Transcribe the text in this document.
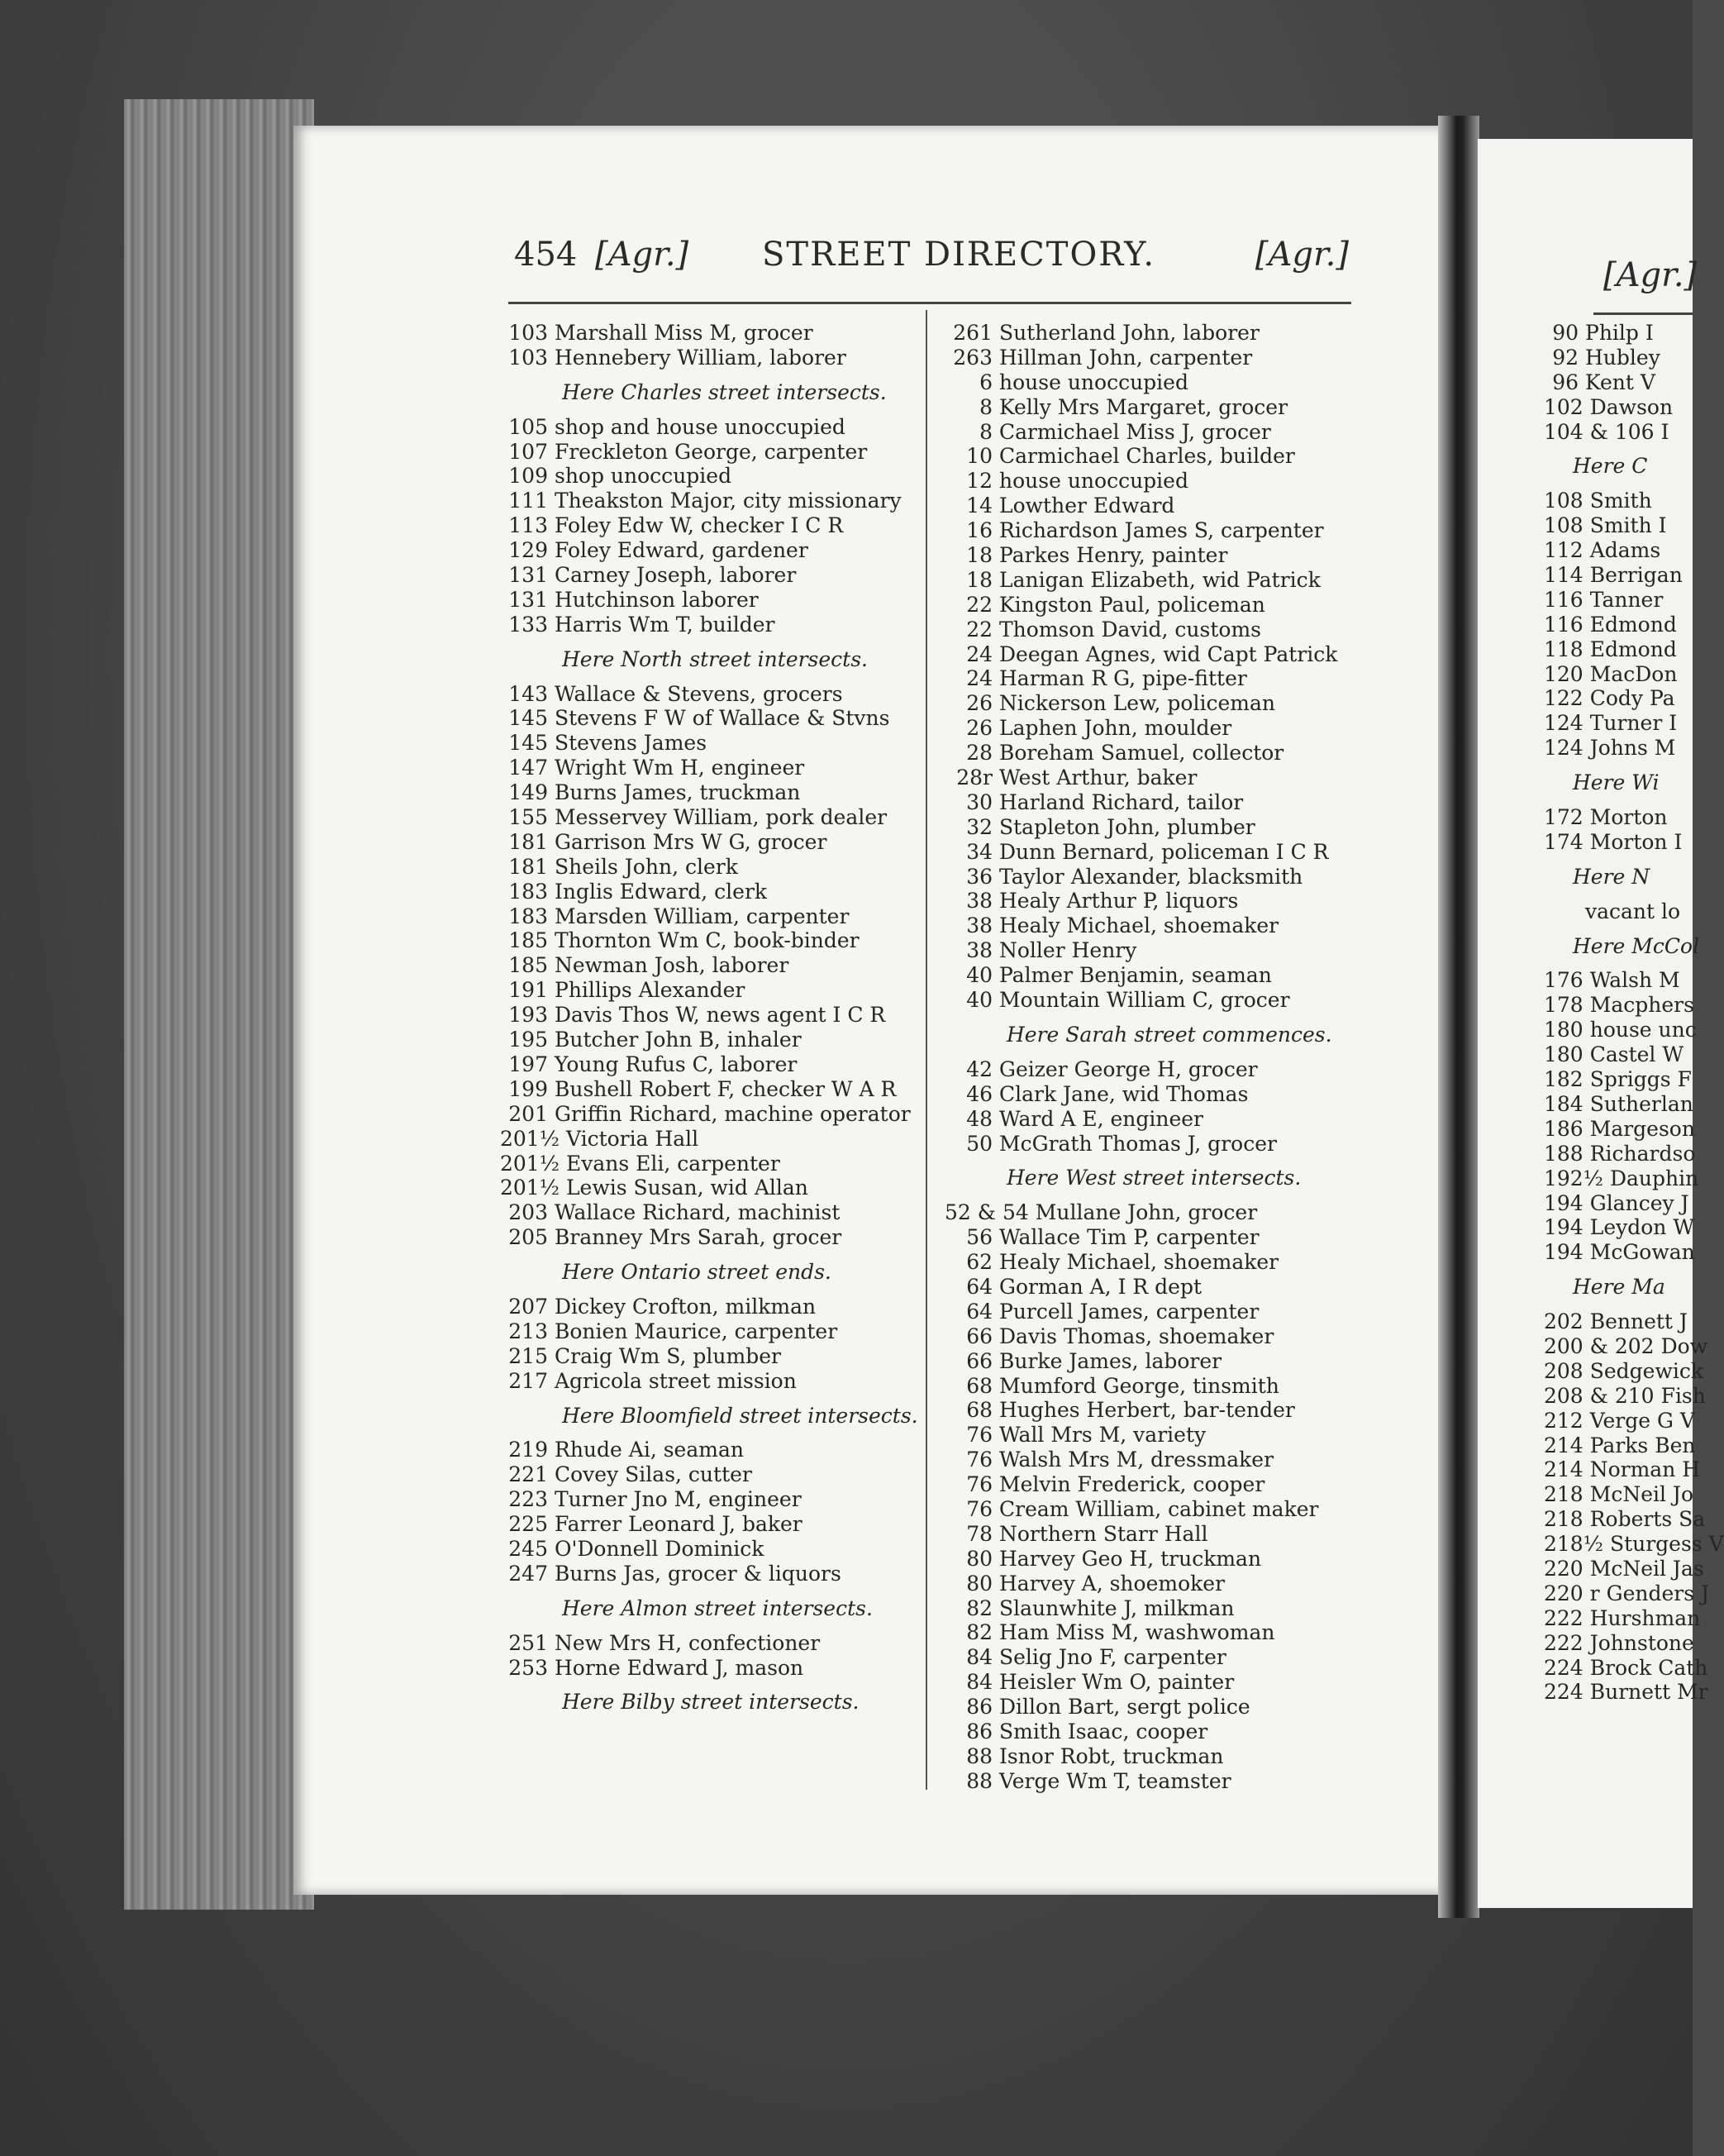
454 [Agr.] STREET DIRECTORY.	[Agr.]
103 Marshall Miss M, grocer
103 Hennebery William, laborer
Here Charles street intersects.
105 shop and house unoccupied
107 Freckleton George, carpenter
109 shop unoccupied
111 Theakston Major, city missionary
113 Foley Edw W, checker I C R
129 Foley Edward, gardener
131 Carney Joseph, laborer
131 Hutchinson laborer
133 Harris Wm T, builder
Here North street intersects.
143 Wallace & Stevens, grocers
145 Stevens F W of Wallace & Stvns
145 Stevens James
147 Wright Wm H, engineer
149 Burns James, truckman
155 Messervey William, pork dealer
181 Garrison Mrs W G, grocer
181 Sheils John, clerk
183 Inglis Edward, clerk
183 Marsden William, carpenter
185 Thornton Wm C, book-binder
185 Newman Josh, laborer
191 Phillips Alexander
193 Davis Thos W, news agent I C R
195 Butcher John B, inhaler
197 Young Rufus C, laborer
199 Bushell Robert F, checker W A R
201 Griffin Richard, machine operator
201½ Victoria Hall
201½ Evans Eli, carpenter
201½ Lewis Susan, wid Allan
203 Wallace Richard, machinist
205 Branney Mrs Sarah, grocer
Here Ontario street ends.
207 Dickey Crofton, milkman
213 Bonien Maurice, carpenter
215 Craig Wm S, plumber
217 Agricola street mission
Here Bloomfield street intersects.
219 Rhude Ai, seaman
221 Covey Silas, cutter
223 Turner Jno M, engineer
225 Farrer Leonard J, baker
245 O'Donnell Dominick
247 Burns Jas, grocer & liquors
Here Almon street intersects.
251 New Mrs H, confectioner
253 Horne Edward J, mason
Here Bilby street intersects.
261 Sutherland John, laborer
263 Hillman John, carpenter
6 house unoccupied
8 Kelly Mrs Margaret, grocer
8 Carmichael Miss J, grocer
10 Carmichael Charles, builder
12 house unoccupied
14 Lowther Edward
16 Richardson James S, carpenter
18 Parkes Henry, painter
18 Lanigan Elizabeth, wid Patrick
22 Kingston Paul, policeman
22 Thomson David, customs
24 Deegan Agnes, wid Capt Patrick
24 Harman R G, pipe-fitter
26 Nickerson Lew, policeman
26 Laphen John, moulder
28 Boreham Samuel, collector
28r West Arthur, baker
30 Harland Richard, tailor
32 Stapleton John, plumber
34 Dunn Bernard, policeman I C R
36 Taylor Alexander, blacksmith
38 Healy Arthur P, liquors
38 Healy Michael, shoemaker
38 Noller Henry
40 Palmer Benjamin, seaman
40 Mountain William C, grocer
Here Sarah street commences.
42 Geizer George H, grocer
46 Clark Jane, wid Thomas
48 Ward A E, engineer
50 McGrath Thomas J, grocer
Here West street intersects.
52 & 54 Mullane John, grocer
56 Wallace Tim P, carpenter
62 Healy Michael, shoemaker
64 Gorman A, I R dept
64 Purcell James, carpenter
66 Davis Thomas, shoemaker
66 Burke James, laborer
68 Mumford George, tinsmith
68 Hughes Herbert, bar-tender
76 Wall Mrs M, variety
76 Walsh Mrs M, dressmaker
76 Melvin Frederick, cooper
76 Cream William, cabinet maker
78 Northern Starr Hall
80 Harvey Geo H, truckman
80 Harvey A, shoemoker
82 Slaunwhite J, milkman
82 Ham Miss M, washwoman
84 Selig Jno F, carpenter
84 Heisler Wm O, painter
86 Dillon Bart, sergt police
86 Smith Isaac, cooper
88 Isnor Robt, truckman
88 Verge Wm T, teamster
[Agr.]
90 Philp I
92 Hubley
96 Kent V
102 Dawson
104 & 106 I
Here C
108 Smith
108 Smith I
112 Adams
114 Berrigan
116 Tanner
116 Edmond
118 Edmond
120 MacDon
122 Cody Pa
124 Turner I
124 Johns M
Here Wi
172 Morton
174 Morton I
Here N
vacant lo
Here McCol
176 Walsh M
178 Macphers
180 house unc
180 Castel W
182 Spriggs F
184 Sutherlan
186 Margeson
188 Richardso
192½ Dauphin
194 Glancey J
194 Leydon W
194 McGowan
Here Ma
202 Bennett J
200 & 202 Dow
208 Sedgewick
208 & 210 Fish
212 Verge G V
214 Parks Ben
214 Norman H
218 McNeil Jo
218 Roberts Sa
218½ Sturgess V
220 McNeil Jas
220 r Genders J
222 Hurshman
222 Johnstone
224 Brock Cath
224 Burnett Mr
